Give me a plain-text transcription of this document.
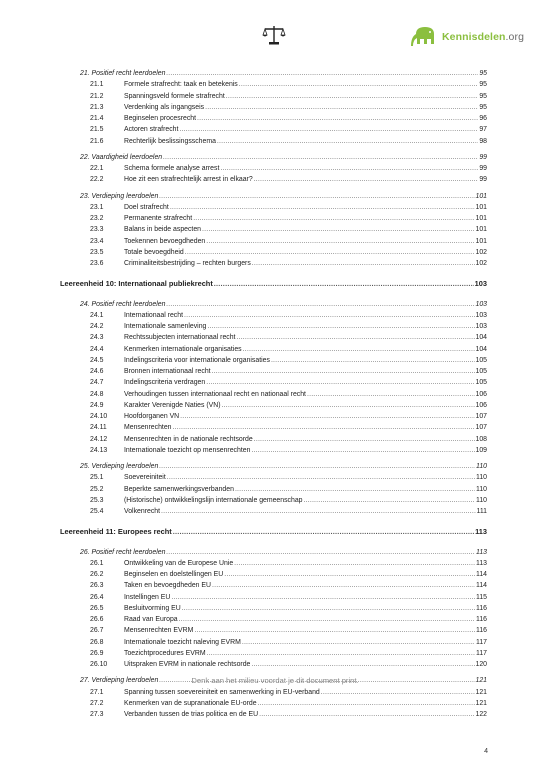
Kennisdelen.org
21. Positief recht leerdoelen .....	95
21.1	Formele strafrecht: taak en betekenis .....	95
21.2	Spanningsveld formele strafrecht .....	95
21.3	Verdenking als ingangseis .....	95
21.4	Beginselen procesrecht .....	96
21.5	Actoren strafrecht .....	97
21.6	Rechterlijk beslissingsschema .....	98
22. Vaardigheid leerdoelen .....	99
22.1	Schema formele analyse arrest .....	99
22.2	Hoe zit een strafrechtelijk arrest in elkaar? .....	99
23. Verdieping leerdoelen .....	101
23.1	Doel strafrecht .....	101
23.2	Permanente strafrecht .....	101
23.3	Balans in beide aspecten .....	101
23.4	Toekennen bevoegdheden .....	101
23.5	Totale bevoegdheid .....	102
23.6	Criminaliteitsbestrijding – rechten burgers .....	102
Leereenheid 10: Internationaal publiekrecht .....	103
24. Positief recht leerdoelen .....	103
24.1	Internationaal recht .....	103
24.2	Internationale samenleving .....	103
24.3	Rechtssubjecten internationaal recht .....	104
24.4	Kenmerken internationale organisaties .....	104
24.5	Indelingscriteria voor internationale organisaties .....	105
24.6	Bronnen internationaal recht .....	105
24.7	Indelingscriteria verdragen .....	105
24.8	Verhoudingen tussen internationaal recht en nationaal recht .....	106
24.9	Karakter Verenigde Naties (VN) .....	106
24.10	Hoofdorganen VN .....	107
24.11	Mensenrechten .....	107
24.12	Mensenrechten in de nationale rechtsorde .....	108
24.13	Internationale toezicht op mensenrechten .....	109
25. Verdieping leerdoelen .....	110
25.1	Soevereiniteit .....	110
25.2	Beperkte samenwerkingsverbanden .....	110
25.3	(Historische) ontwikkelingslijn internationale gemeenschap .....	110
25.4	Volkenrecht .....	111
Leereenheid 11: Europees recht .....	113
26. Positief recht leerdoelen .....	113
26.1	Ontwikkeling van de Europese Unie .....	113
26.2	Beginselen en doelstellingen EU .....	114
26.3	Taken en bevoegdheden EU .....	114
26.4	Instellingen EU .....	115
26.5	Besluitvorming EU .....	116
26.6	Raad van Europa .....	116
26.7	Mensenrechten EVRM .....	116
26.8	Internationale toezicht naleving EVRM .....	117
26.9	Toezichtprocedures EVRM .....	117
26.10	Uitspraken EVRM in nationale rechtsorde .....	120
27. Verdieping leerdoelen .....	121
27.1	Spanning tussen soevereiniteit en samenwerking in EU-verband .....	121
27.2	Kenmerken van de supranationale EU-orde .....	121
27.3	Verbanden tussen de trias politica en de EU .....	122
Denk aan het milieu voordat je dit document print.
4
